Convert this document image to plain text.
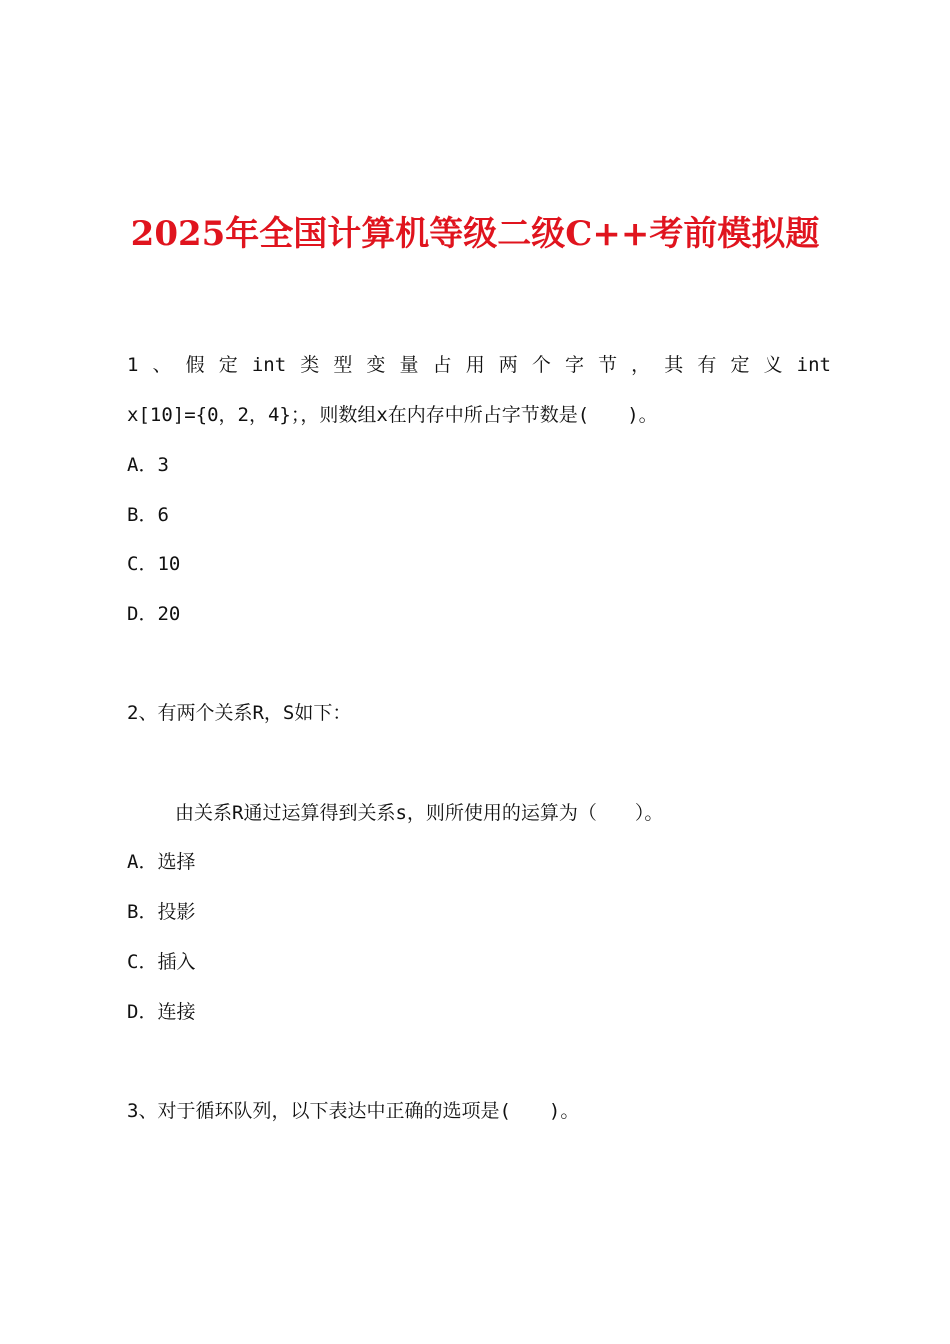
2025年全国计算机等级二级C++考前模拟题
1 、 假 定 int 类 型 变 量 占 用 两 个 字 节 ， 其 有 定 义 int
x[10]={0，2，4}；，则数组x在内存中所占字节数是(　　)。
A．3
B．6
C．10
D．20
2、有两个关系R，S如下：
由关系R通过运算得到关系s，则所使用的运算为（　　）。
A．选择
B．投影
C．插入
D．连接
3、对于循环队列，以下表达中正确的选项是(　　)。
